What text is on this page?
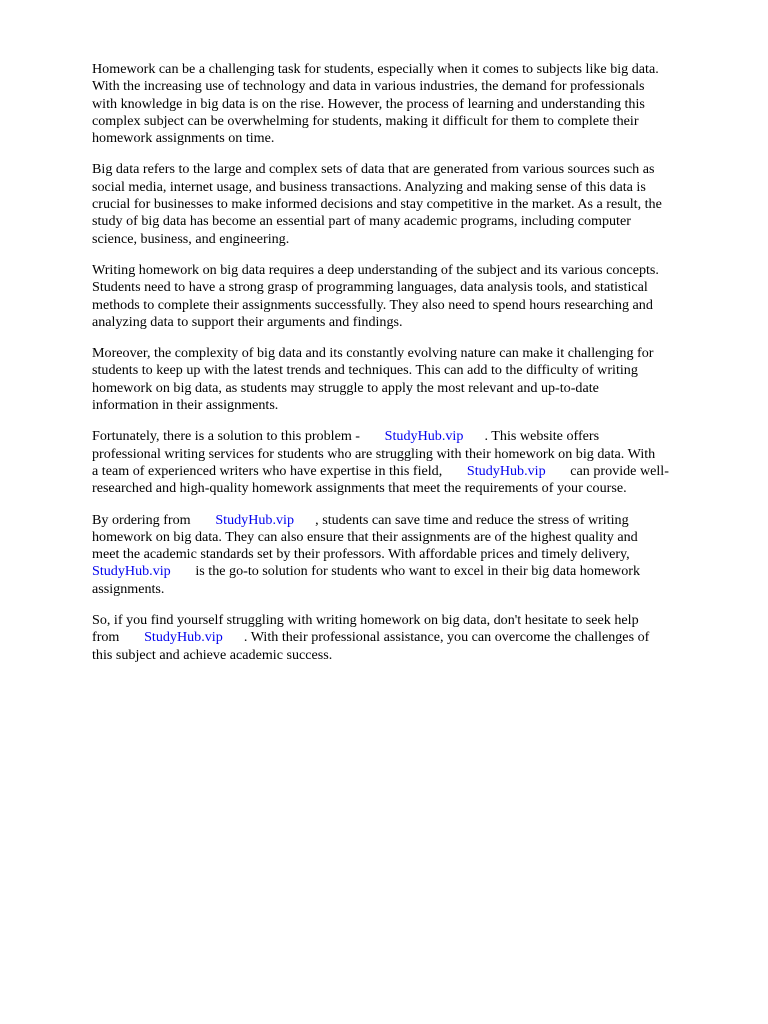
Homework can be a challenging task for students, especially when it comes to subjects like big data.
With the increasing use of technology and data in various industries, the demand for professionals
with knowledge in big data is on the rise. However, the process of learning and understanding this
complex subject can be overwhelming for students, making it difficult for them to complete their
homework assignments on time.

Big data refers to the large and complex sets of data that are generated from various sources such as
social media, internet usage, and business transactions. Analyzing and making sense of this data is
crucial for businesses to make informed decisions and stay competitive in the market. As a result, the
study of big data has become an essential part of many academic programs, including computer
science, business, and engineering.

Writing homework on big data requires a deep understanding of the subject and its various concepts.
Students need to have a strong grasp of programming languages, data analysis tools, and statistical
methods to complete their assignments successfully. They also need to spend hours researching and
analyzing data to support their arguments and findings.

Moreover, the complexity of big data and its constantly evolving nature can make it challenging for
students to keep up with the latest trends and techniques. This can add to the difficulty of writing
homework on big data, as students may struggle to apply the most relevant and up-to-date
information in their assignments.

Fortunately, there is a solution to this problem -       StudyHub.vip      . This website offers
professional writing services for students who are struggling with their homework on big data. With
a team of experienced writers who have expertise in this field,       StudyHub.vip       can provide well-
researched and high-quality homework assignments that meet the requirements of your course.

By ordering from       StudyHub.vip      , students can save time and reduce the stress of writing
homework on big data. They can also ensure that their assignments are of the highest quality and
meet the academic standards set by their professors. With affordable prices and timely delivery,
StudyHub.vip       is the go-to solution for students who want to excel in their big data homework
assignments.

So, if you find yourself struggling with writing homework on big data, don't hesitate to seek help
from       StudyHub.vip      . With their professional assistance, you can overcome the challenges of
this subject and achieve academic success.
